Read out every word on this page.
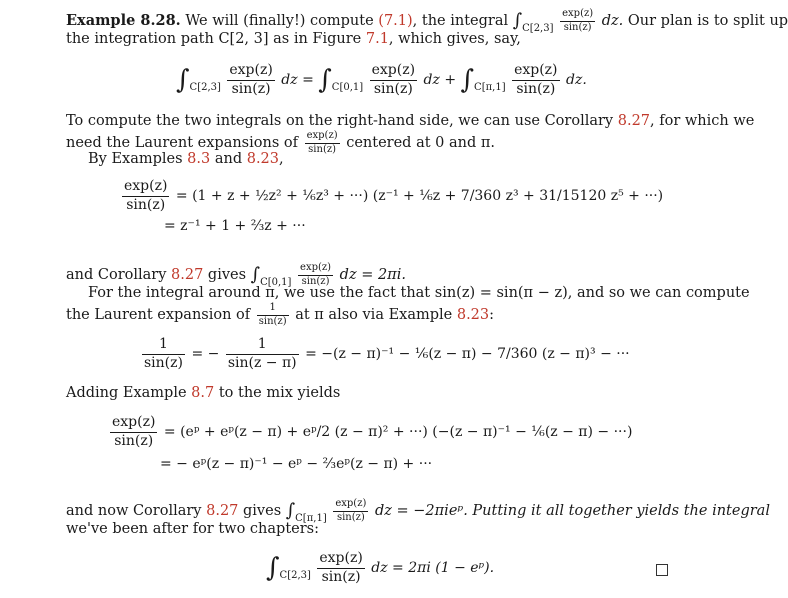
Example 8.28. We will (finally!) compute (7.1), the integral $\int_{C[2,3]} \frac{\exp(z)}{\sin(z)}$ dz. Our plan is to split up
the integration path C[2, 3] as in Figure 7.1, which gives, say,
$\int_{C[2,3]} \frac{\exp(z)}{\sin(z)}$ dz = $\int_{C[0,1]} \frac{\exp(z)}{\sin(z)}$ dz + $\int_{C[\pi,1]} \frac{\exp(z)}{\sin(z)}$ dz.
To compute the two integrals on the right-hand side, we can use Corollary 8.27, for which we
need the Laurent expansions of $\frac{\exp(z)}{\sin(z)}$ centered at 0 and π.
By Examples 8.3 and 8.23,
$\frac{\exp(z)}{\sin(z)} = (1 + z$ + ½z² + ⅙z³ + ···) (z⁻¹ + ⅙z + 7/360 z³ + 31/15120 z⁵ + ···)
= z⁻¹ + 1 + ⅔z + ···
and Corollary 8.27 gives $\int_{C[0,1]} \frac{\exp(z)}{\sin(z)}$ dz = 2πi.
For the integral around π, we use the fact that sin(z) = sin(π − z), and so we can compute
the Laurent expansion of $\frac{1}{\sin(z)}$ at π also via Example 8.23:
$\frac{1}{\sin(z)}$ = − $\frac{1}{\sin(z - \pi)} = -(z - \pi)^{-1}$ − ⅙(z − π) − 7/360 (z − π)³ − ···
Adding Example 8.7 to the mix yields
$\frac{\exp(z)}{\sin(z)}$ = (eᵖ + eᵖ(z − π) + eᵖ/2 (z − π)² + ···) (−(z − π)⁻¹ − ⅙(z − π) − ···)
= − eᵖ(z − π)⁻¹ − eᵖ − ⅔eᵖ(z − π) + ···
and now Corollary 8.27 gives $\int_{C[\pi,1]} \frac{\exp(z)}{\sin(z)}$ dz = −2πieᵖ. Putting it all together yields the integral
we've been after for two chapters:
$\int_{C[2,3]} \frac{\exp(z)}{\sin(z)}$ dz = 2πi (1 − eᵖ).
